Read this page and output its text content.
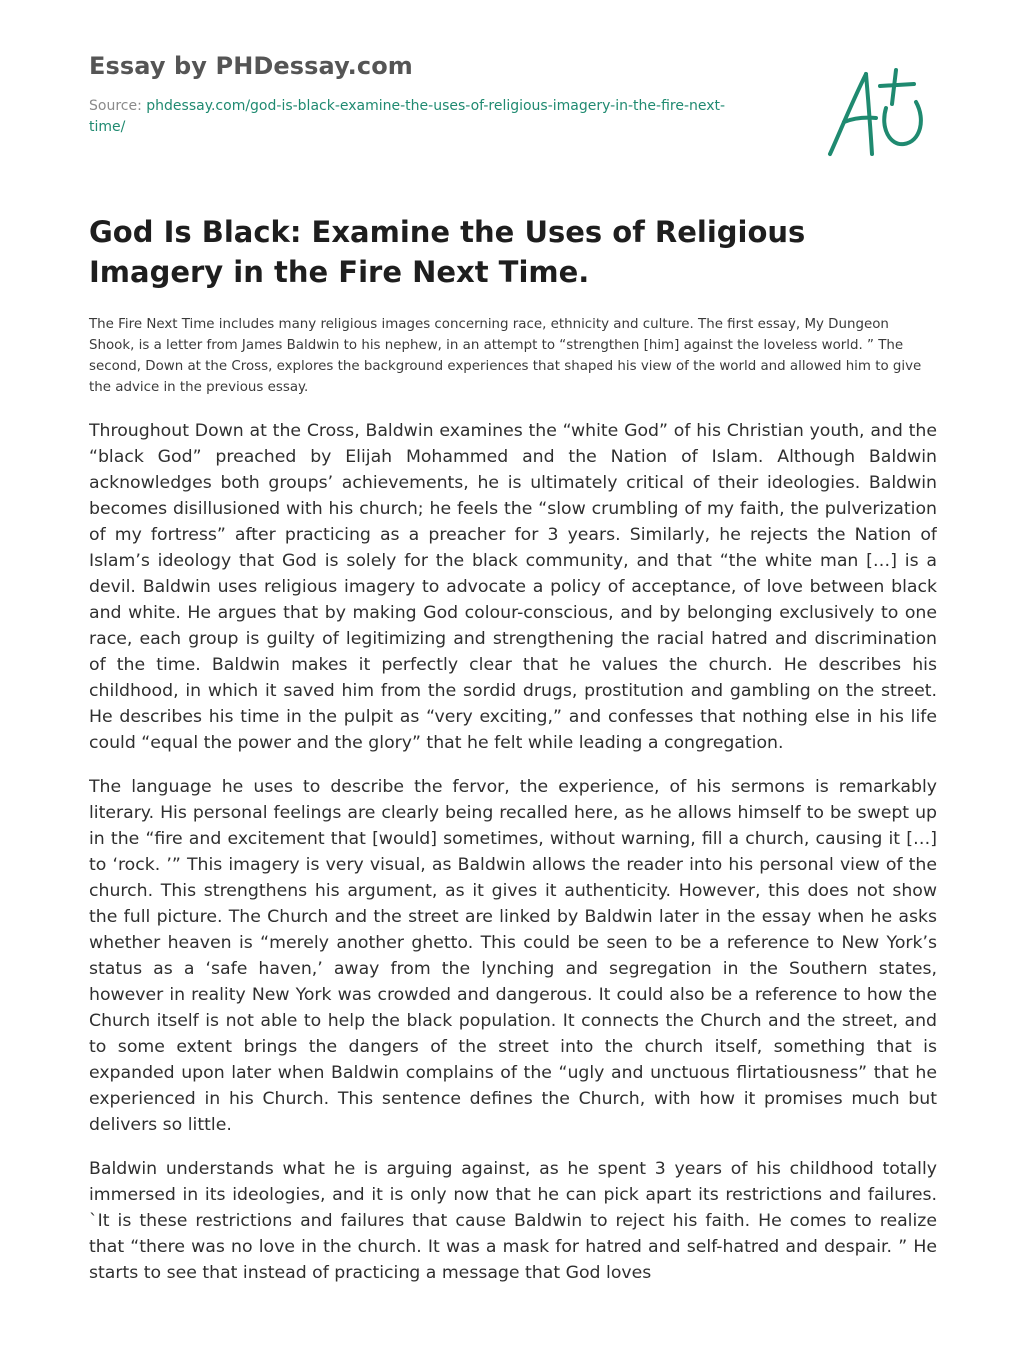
Essay by PHDessay.com
Source: phdessay.com/god-is-black-examine-the-uses-of-religious-imagery-in-the-fire-next-time/
God Is Black: Examine the Uses of Religious Imagery in the Fire Next Time.

The Fire Next Time includes many religious images concerning race, ethnicity and culture. The first essay, My Dungeon Shook, is a letter from James Baldwin to his nephew, in an attempt to “strengthen [him] against the loveless world. ” The second, Down at the Cross, explores the background experiences that shaped his view of the world and allowed him to give the advice in the previous essay.

Throughout Down at the Cross, Baldwin examines the “white God” of his Christian youth, and the “black God” preached by Elijah Mohammed and the Nation of Islam. Although Baldwin acknowledges both groups’ achievements, he is ultimately critical of their ideologies. Baldwin becomes disillusioned with his church; he feels the “slow crumbling of my faith, the pulverization of my fortress” after practicing as a preacher for 3 years. Similarly, he rejects the Nation of Islam’s ideology that God is solely for the black community, and that “the white man […] is a devil. Baldwin uses religious imagery to advocate a policy of acceptance, of love between black and white. He argues that by making God colour-conscious, and by belonging exclusively to one race, each group is guilty of legitimizing and strengthening the racial hatred and discrimination of the time. Baldwin makes it perfectly clear that he values the church. He describes his childhood, in which it saved him from the sordid drugs, prostitution and gambling on the street. He describes his time in the pulpit as “very exciting,” and confesses that nothing else in his life could “equal the power and the glory” that he felt while leading a congregation.

The language he uses to describe the fervor, the experience, of his sermons is remarkably literary. His personal feelings are clearly being recalled here, as he allows himself to be swept up in the “fire and excitement that [would] sometimes, without warning, fill a church, causing it […] to ‘rock. ’” This imagery is very visual, as Baldwin allows the reader into his personal view of the church. This strengthens his argument, as it gives it authenticity. However, this does not show the full picture. The Church and the street are linked by Baldwin later in the essay when he asks whether heaven is “merely another ghetto. This could be seen to be a reference to New York’s status as a ‘safe haven,’ away from the lynching and segregation in the Southern states, however in reality New York was crowded and dangerous. It could also be a reference to how the Church itself is not able to help the black population. It connects the Church and the street, and to some extent brings the dangers of the street into the church itself, something that is expanded upon later when Baldwin complains of the “ugly and unctuous flirtatiousness” that he experienced in his Church. This sentence defines the Church, with how it promises much but delivers so little.

Baldwin understands what he is arguing against, as he spent 3 years of his childhood totally immersed in its ideologies, and it is only now that he can pick apart its restrictions and failures. `It is these restrictions and failures that cause Baldwin to reject his faith. He comes to realize that “there was no love in the church. It was a mask for hatred and self-hatred and despair. ” He starts to see that instead of practicing a message that God loves
